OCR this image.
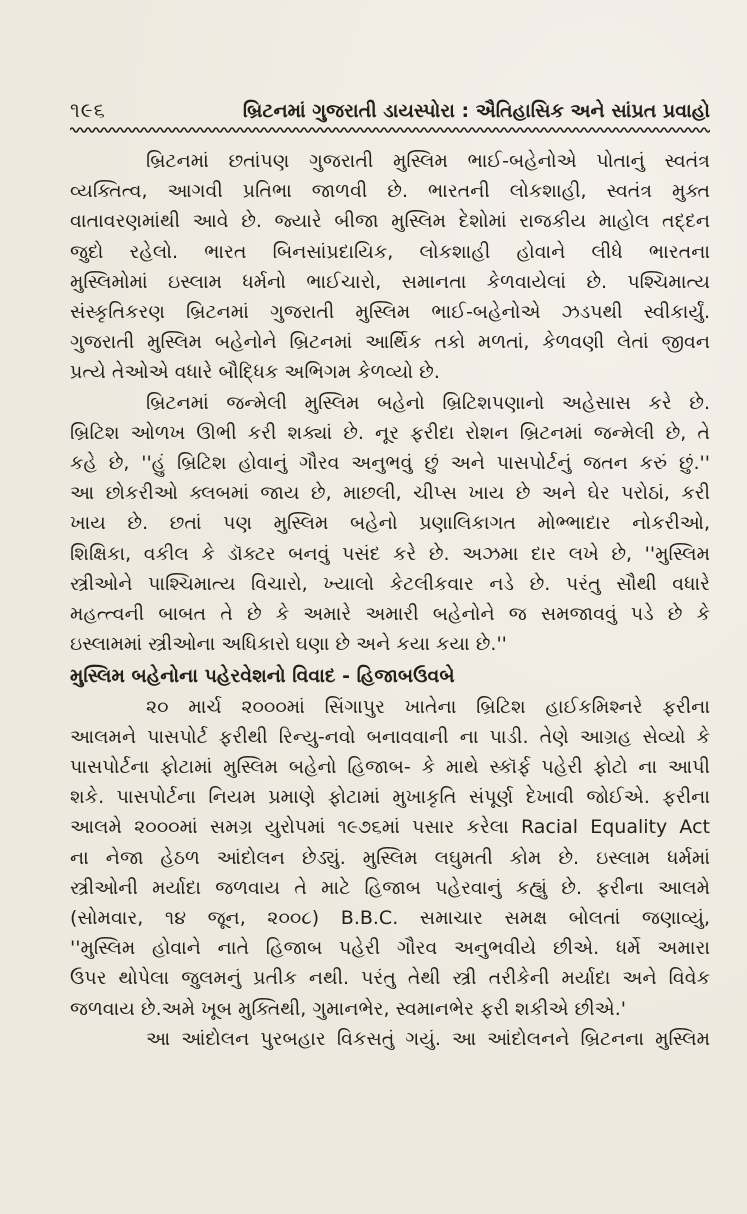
૧૯૬	બ્રિટનમાં ગુજરાતી ડાયસ્પોરા : ઐતિહાસિક અને સાંપ્રત પ્રવાહો

બ્રિટનમાં છતાંપણ ગુજરાતી મુસ્લિમ ભાઈ-બહેનોએ પોતાનું સ્વતંત્ર
વ્યક્તિત્વ, આગવી પ્રતિભા જાળવી છે. ભારતની લોકશાહી, સ્વતંત્ર મુક્ત
વાતાવરણમાંથી આવે છે. જ્યારે બીજા મુસ્લિમ દેશોમાં રાજકીય માહોલ તદ્દન
જુદો રહેલો. ભારત બિનસાંપ્રદાયિક, લોકશાહી હોવાને લીધે ભારતના
મુસ્લિમોમાં ઇસ્લામ ધર્મનો ભાઈચારો, સમાનતા કેળવાયેલાં છે. પશ્ચિમાત્ય
સંસ્કૃતિકરણ બ્રિટનમાં ગુજરાતી મુસ્લિમ ભાઈ-બહેનોએ ઝડપથી સ્વીકાર્યું.
ગુજરાતી મુસ્લિમ બહેનોને બ્રિટનમાં આર્થિક તકો મળતાં, કેળવણી લેતાં જીવન
પ્રત્યે તેઓએ વધારે બૌદ્ધિક અભિગમ કેળવ્યો છે.

બ્રિટનમાં જન્મેલી મુસ્લિમ બહેનો બ્રિટિશપણાનો અહેસાસ કરે છે.
બ્રિટિશ ઓળખ ઊભી કરી શક્યાં છે. નૂર ફરીદા રોશન બ્રિટનમાં જન્મેલી છે, તે
કહે છે, ''હું બ્રિટિશ હોવાનું ગૌરવ અનુભવું છું અને પાસપોર્ટનું જતન કરું છું.''
આ છોકરીઓ ક્લબમાં જાય છે, માછલી, ચીપ્સ ખાય છે અને ઘેર પરોઠાં, કરી
ખાય છે. છતાં પણ મુસ્લિમ બહેનો પ્રણાલિકાગત મોભ્ભાદાર નોકરીઓ,
શિક્ષિકા, વકીલ કે ડૉક્ટર બનવું પસંદ કરે છે. અઝમા દાર લખે છે, ''મુસ્લિમ
સ્ત્રીઓને પાશ્ચિમાત્ય વિચારો, ખ્યાલો કેટલીકવાર નડે છે. પરંતુ સૌથી વધારે
મહત્ત્વની બાબત તે છે કે અમારે અમારી બહેનોને જ સમજાવવું પડે છે કે
ઇસ્લામમાં સ્ત્રીઓના અધિકારો ઘણા છે અને કયા કયા છે.''

મુસ્લિમ બહેનોના પહેરવેશનો વિવાદ - હિજાબઉવબે

૨૦ માર્ચ ૨૦૦૦માં સિંગાપુર ખાતેના બ્રિટિશ હાઈકમિશ્નરે ફરીના
આલમને પાસપોર્ટ ફરીથી રિન્યુ-નવો બનાવવાની ના પાડી. તેણે આગ્રહ સેવ્યો કે
પાસપોર્ટના ફોટામાં મુસ્લિમ બહેનો હિજાબ- કે માથે સ્કૉર્ફ પહેરી ફોટો ના આપી
શકે. પાસપોર્ટના નિયમ પ્રમાણે ફોટામાં મુખાકૃતિ સંપૂર્ણ દેખાવી જોઈએ. ફરીના
આલમે ૨૦૦૦માં સમગ્ર યુરોપમાં ૧૯૭૬માં પસાર કરેલા Racial Equality Act
ના નેજા હેઠળ આંદોલન છેડ્યું. મુસ્લિમ લઘુમતી કોમ છે. ઇસ્લામ ધર્મમાં
સ્ત્રીઓની મર્યાદા જળવાય તે માટે હિજાબ પહેરવાનું કહ્યું છે. ફરીના આલમે
(સોમવાર, ૧૪ જૂન, ૨૦૦૮) B.B.C. સમાચાર સમક્ષ બોલતાં જણાવ્યું,
''મુસ્લિમ હોવાને નાતે હિજાબ પહેરી ગૌરવ અનુભવીયે છીએ. ધર્મે અમારા
ઉપર થોપેલા જુલમનું પ્રતીક નથી. પરંતુ તેથી સ્ત્રી તરીકેની મર્યાદા અને વિવેક
જળવાય છે.અમે ખૂબ મુક્તિથી, ગુમાનભેર, સ્વમાનભેર ફરી શકીએ છીએ.'

આ આંદોલન પુરબહાર વિકસતું ગયું. આ આંદોલનને બ્રિટનના મુસ્લિમ
